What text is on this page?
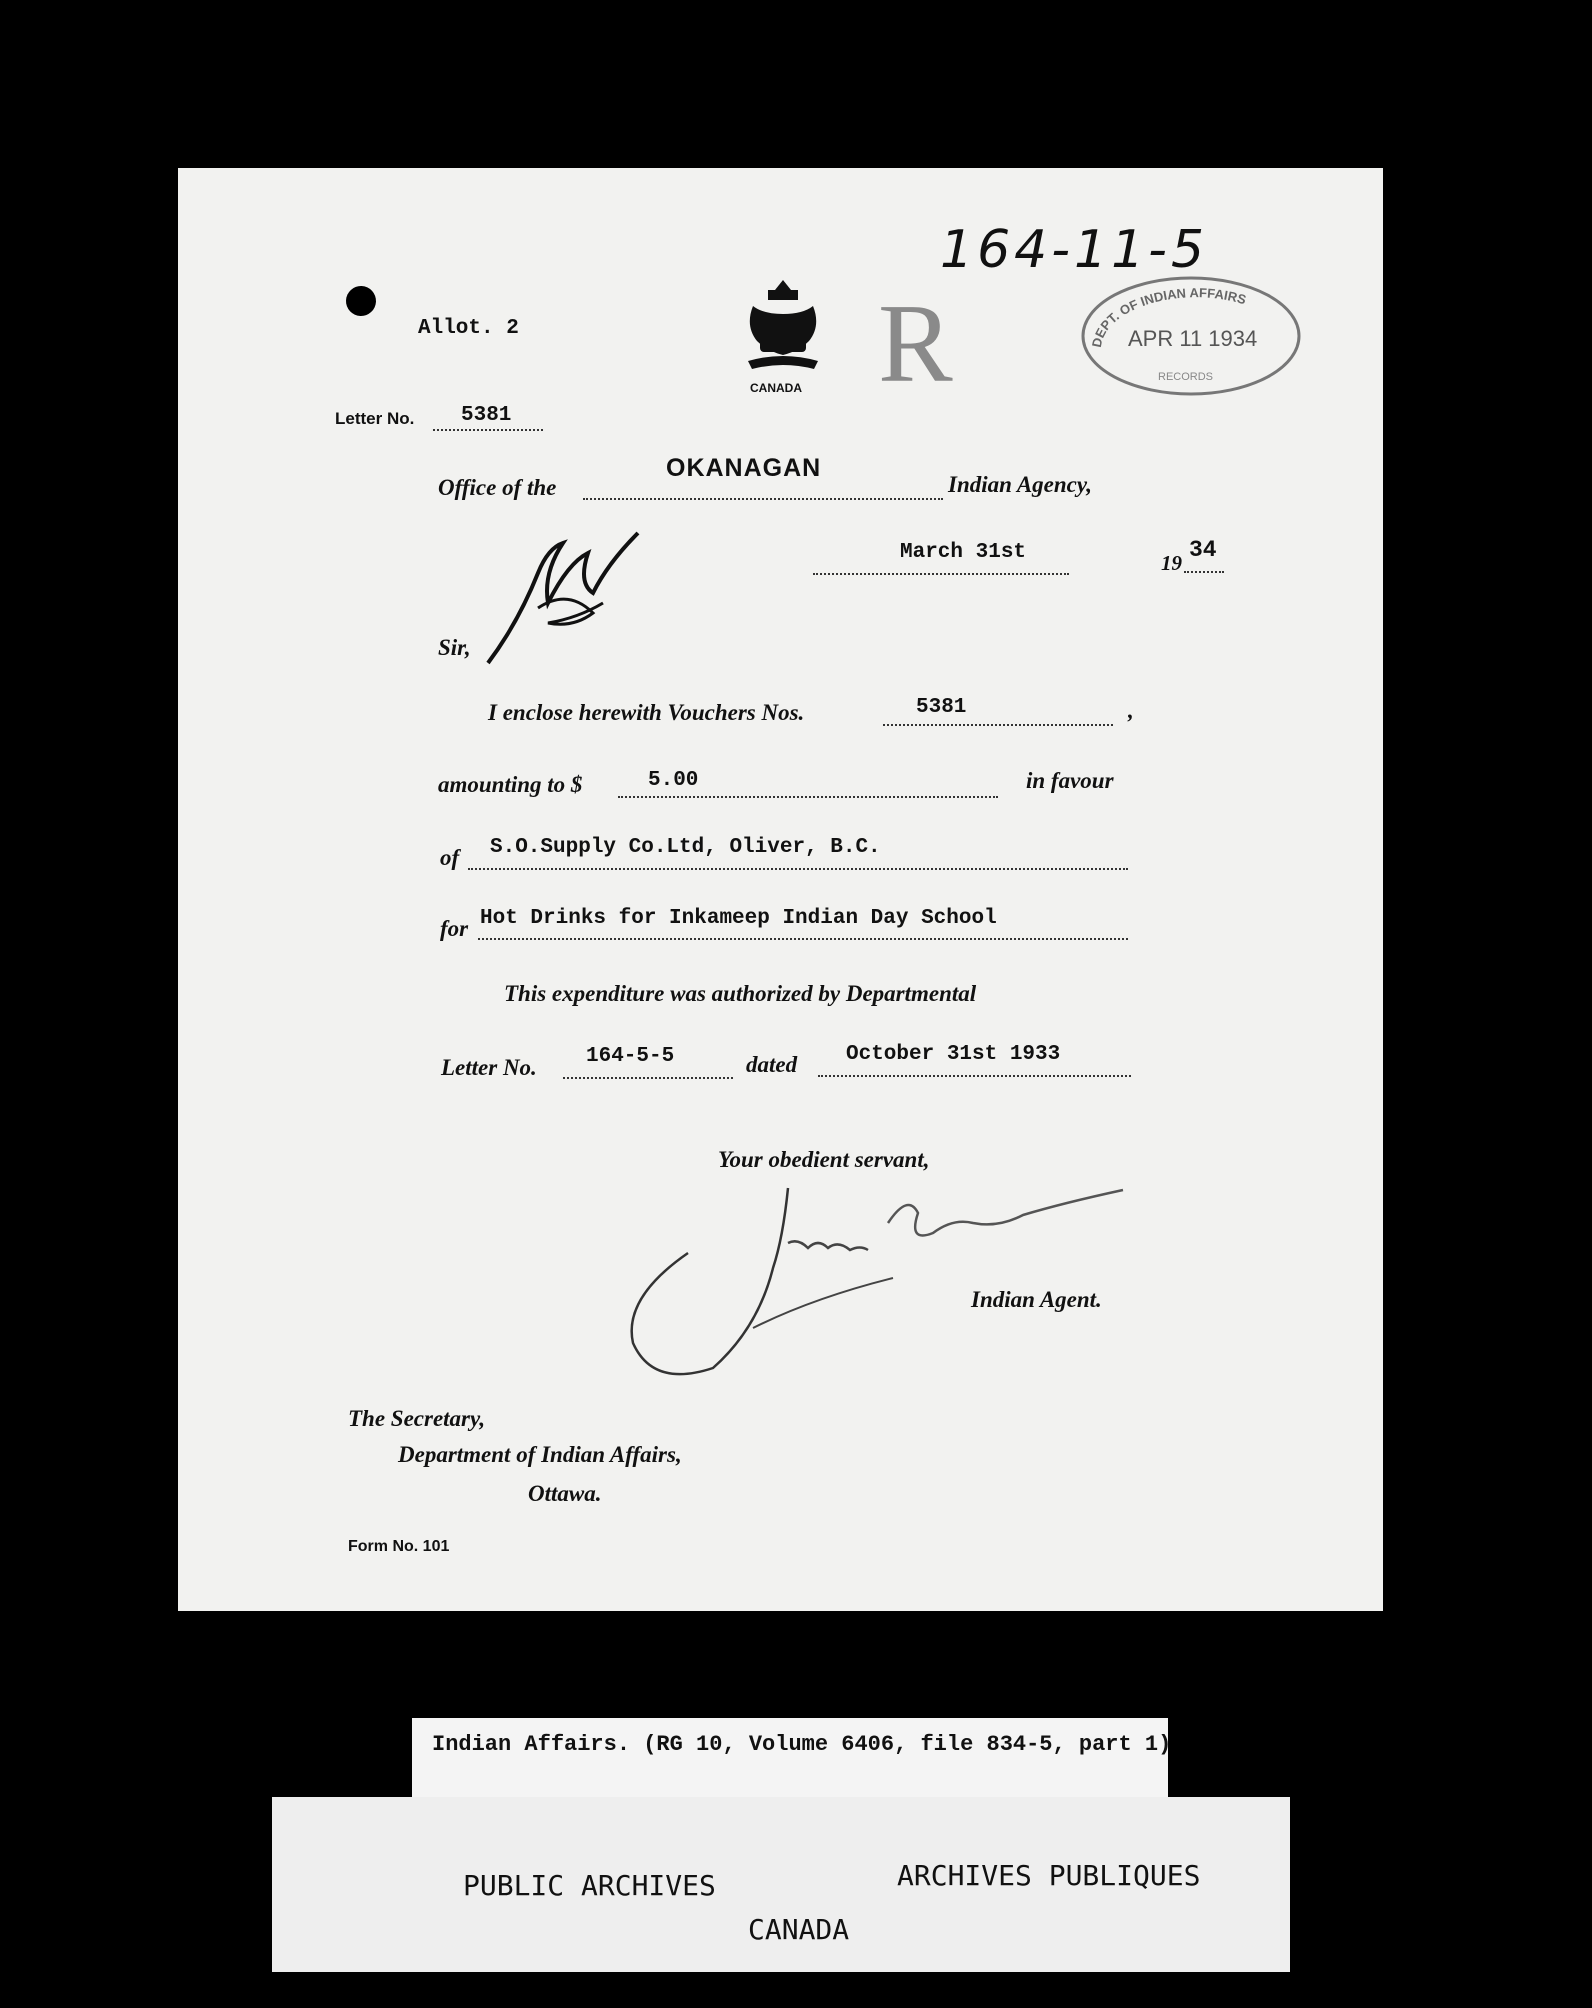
164-11-5
CANADA R	DEPT. OF INDIAN AFFAIRS
APR 11 1934
RECORDS
Allot. 2
Letter No. 5381
Office of the
OKANAGAN
Indian Agency,
March 31st	19 34
Sir,
I enclose herewith Vouchers Nos.	5381	,
amounting to $	5.00	in favour
of S.O.Supply Co.Ltd, Oliver, B.C.
for Hot Drinks for Inkameep Indian Day School
This expenditure was authorized by Departmental
Letter No. 164-5-5	dated October 31st 1933
Your obedient servant,
Indian Agent.
The Secretary,
Department of Indian Affairs,
Ottawa.
Form No. 101
Indian Affairs. (RG 10, Volume 6406, file 834-5, part 1)
PUBLIC ARCHIVES	ARCHIVES PUBLIQUES
CANADA
